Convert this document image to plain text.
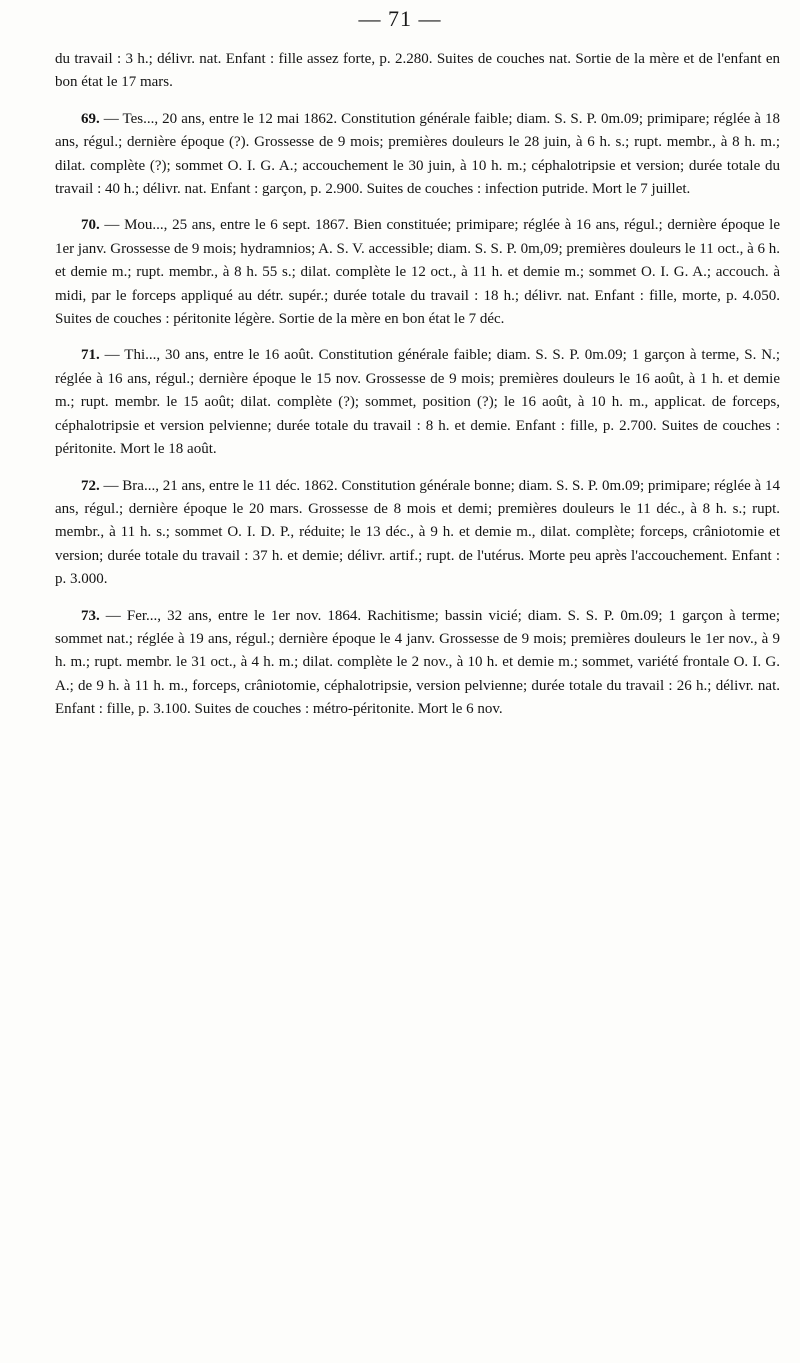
— 71 —

du travail : 3 h.; délivr. nat. Enfant : fille assez forte, p. 2.280. Suites de couches nat. Sortie de la mère et de l'enfant en bon état le 17 mars.

69. — Tes..., 20 ans, entre le 12 mai 1862. Constitution générale faible; diam. S. S. P. 0m.09; primipare; réglée à 18 ans, régul.; dernière époque (?). Grossesse de 9 mois; premières douleurs le 28 juin, à 6 h. s.; rupt. membr., à 8 h. m.; dilat. complète (?); sommet O. I. G. A.; accouchement le 30 juin, à 10 h. m.; céphalotripsie et version; durée totale du travail : 40 h.; délivr. nat. Enfant : garçon, p. 2.900. Suites de couches : infection putride. Mort le 7 juillet.

70. — Mou..., 25 ans, entre le 6 sept. 1867. Bien constituée; primipare; réglée à 16 ans, régul.; dernière époque le 1er janv. Grossesse de 9 mois; hydramnios; A. S. V. accessible; diam. S. S. P. 0m,09; premières douleurs le 11 oct., à 6 h. et demie m.; rupt. membr., à 8 h. 55 s.; dilat. complète le 12 oct., à 11 h. et demie m.; sommet O. I. G. A.; accouch. à midi, par le forceps appliqué au détr. supér.; durée totale du travail : 18 h.; délivr. nat. Enfant : fille, morte, p. 4.050. Suites de couches : péritonite légère. Sortie de la mère en bon état le 7 déc.

71. — Thi..., 30 ans, entre le 16 août. Constitution générale faible; diam. S. S. P. 0m.09; 1 garçon à terme, S. N.; réglée à 16 ans, régul.; dernière époque le 15 nov. Grossesse de 9 mois; premières douleurs le 16 août, à 1 h. et demie m.; rupt. membr. le 15 août; dilat. complète (?); sommet, position (?); le 16 août, à 10 h. m., applicat. de forceps, céphalotripsie et version pelvienne; durée totale du travail : 8 h. et demie. Enfant : fille, p. 2.700. Suites de couches : péritonite. Mort le 18 août.

72. — Bra..., 21 ans, entre le 11 déc. 1862. Constitution générale bonne; diam. S. S. P. 0m.09; primipare; réglée à 14 ans, régul.; dernière époque le 20 mars. Grossesse de 8 mois et demi; premières douleurs le 11 déc., à 8 h. s.; rupt. membr., à 11 h. s.; sommet O. I. D. P., réduite; le 13 déc., à 9 h. et demie m., dilat. complète; forceps, crâniotomie et version; durée totale du travail : 37 h. et demie; délivr. artif.; rupt. de l'utérus. Morte peu après l'accouchement. Enfant : p. 3.000.

73. — Fer..., 32 ans, entre le 1er nov. 1864. Rachitisme; bassin vicié; diam. S. S. P. 0m.09; 1 garçon à terme; sommet nat.; réglée à 19 ans, régul.; dernière époque le 4 janv. Grossesse de 9 mois; premières douleurs le 1er nov., à 9 h. m.; rupt. membr. le 31 oct., à 4 h. m.; dilat. complète le 2 nov., à 10 h. et demie m.; sommet, variété frontale O. I. G. A.; de 9 h. à 11 h. m., forceps, crâniotomie, céphalotripsie, version pelvienne; durée totale du travail : 26 h.; délivr. nat. Enfant : fille, p. 3.100. Suites de couches : métro-péritonite. Mort le 6 nov.
